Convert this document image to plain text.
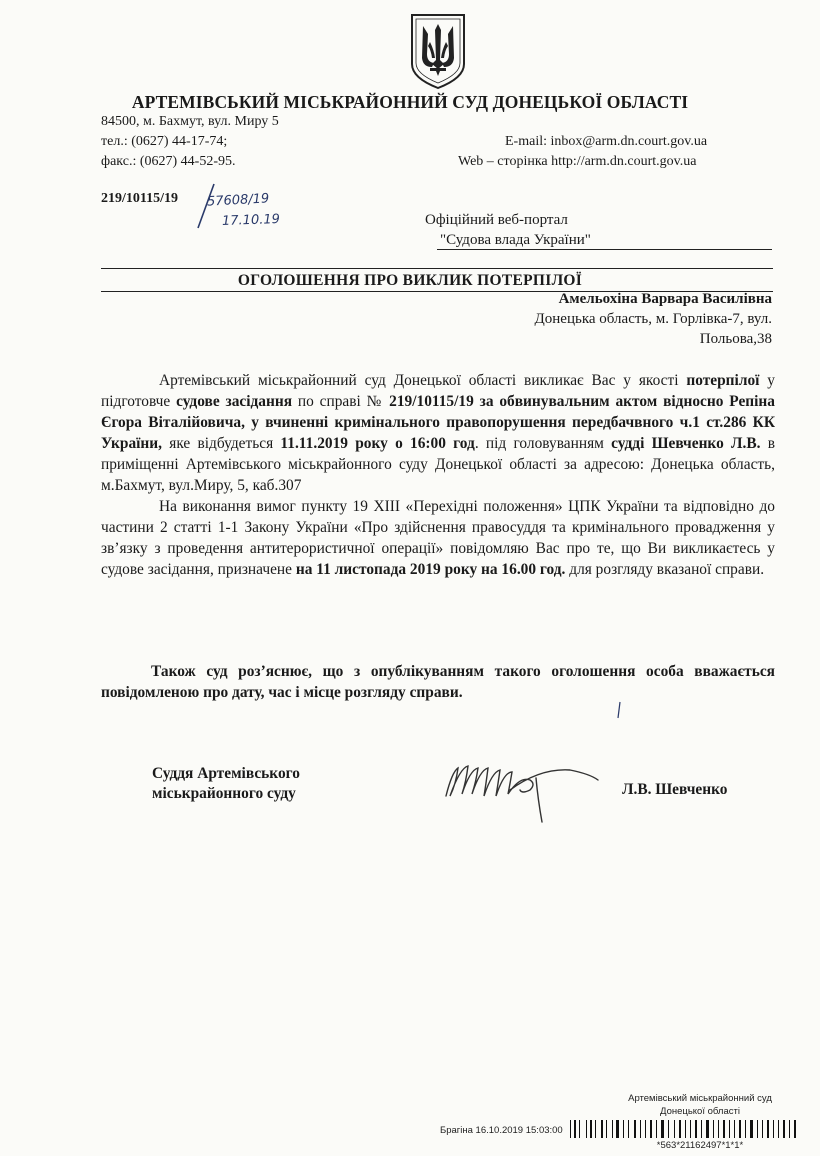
АРТЕМІВСЬКИЙ МІСЬКРАЙОННИЙ СУД ДОНЕЦЬКОЇ ОБЛАСТІ
84500, м. Бахмут, вул. Миру 5
тел.: (0627) 44-17-74;
факс.: (0627) 44-52-95.
E-mail: inbox@arm.dn.court.gov.ua
Web – сторінка http://arm.dn.court.gov.ua
219/10115/19 57608/19
17.10.19	Офіційний веб-портал
"Судова влада України"
ОГОЛОШЕННЯ ПРО ВИКЛИК ПОТЕРПІЛОЇ
Амельохіна Варвара Василівна
Донецька область, м. Горлівка-7, вул.
Польова,38

Артемівський міськрайонний суд Донецької області викликає Вас у якості потерпілої у підготовче судове засідання по справі № 219/10115/19 за обвинувальним актом відносно Репіна Єгора Віталійовича, у вчиненні кримінального правопорушення передбачвного ч.1 ст.286 КК України, яке відбудеться 11.11.2019 року о 16:00 год. під головуванням судді Шевченко Л.В. в приміщенні Артемівського міськрайонного суду Донецької області за адресою: Донецька область, м.Бахмут, вул.Миру, 5, каб.307

На виконання вимог пункту 19 ХІІІ «Перехідні положення» ЦПК України та відповідно до частини 2 статті 1-1 Закону України «Про здійснення правосуддя та кримінального провадження у зв’язку з проведення антитерористичної операції» повідомляю Вас про те, що Ви викликаєтесь у судове засідання, призначене на 11 листопада 2019 року на 16.00 год. для розгляду вказаної справи.

Також суд роз’яснює, що з опублікуванням такого оголошення особа вважається повідомленою про дату, час і місце розгляду справи.
Суддя Артемівського
міськрайонного суду	Л.В. Шевченко
Артемівський міськрайонний суд
Донецької області
Брагіна 16.10.2019 15:03:00
*563*21162497*1*1*
